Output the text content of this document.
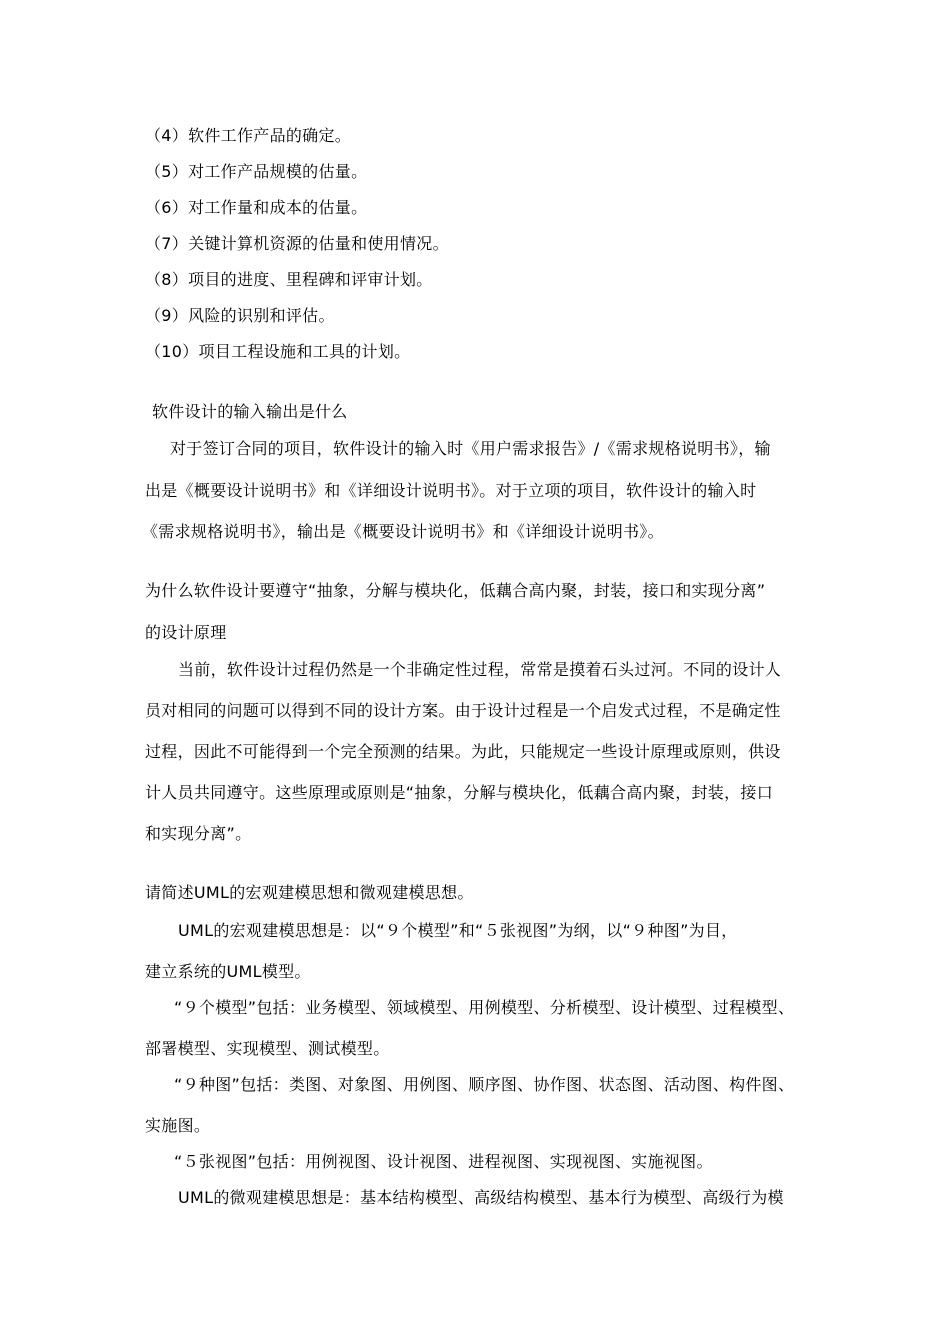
（4）软件工作产品的确定。
（5）对工作产品规模的估量。
（6）对工作量和成本的估量。
（7）关键计算机资源的估量和使用情况。
（8）项目的进度、里程碑和评审计划。
（9）风险的识别和评估。
（10）项目工程设施和工具的计划。
软件设计的输入输出是什么
对于签订合同的项目，软件设计的输入时《用户需求报告》/《需求规格说明书》，输
出是《概要设计说明书》和《详细设计说明书》。对于立项的项目，软件设计的输入时
《需求规格说明书》，输出是《概要设计说明书》和《详细设计说明书》。
为什么软件设计要遵守“抽象，分解与模块化，低藕合高内聚，封装，接口和实现分离”
的设计原理
当前，软件设计过程仍然是一个非确定性过程，常常是摸着石头过河。不同的设计人
员对相同的问题可以得到不同的设计方案。由于设计过程是一个启发式过程，不是确定性
过程，因此不可能得到一个完全预测的结果。为此，只能规定一些设计原理或原则，供设
计人员共同遵守。这些原理或原则是“抽象，分解与模块化，低藕合高内聚，封装，接口
和实现分离”。
请简述UML的宏观建模思想和微观建模思想。
UML的宏观建模思想是：以“９个模型”和“５张视图”为纲，以“９种图”为目，
建立系统的UML模型。
“９个模型”包括：业务模型、领域模型、用例模型、分析模型、设计模型、过程模型、
部署模型、实现模型、测试模型。
“９种图”包括：类图、对象图、用例图、顺序图、协作图、状态图、活动图、构件图、
实施图。
“５张视图”包括：用例视图、设计视图、进程视图、实现视图、实施视图。
UML的微观建模思想是：基本结构模型、高级结构模型、基本行为模型、高级行为模
